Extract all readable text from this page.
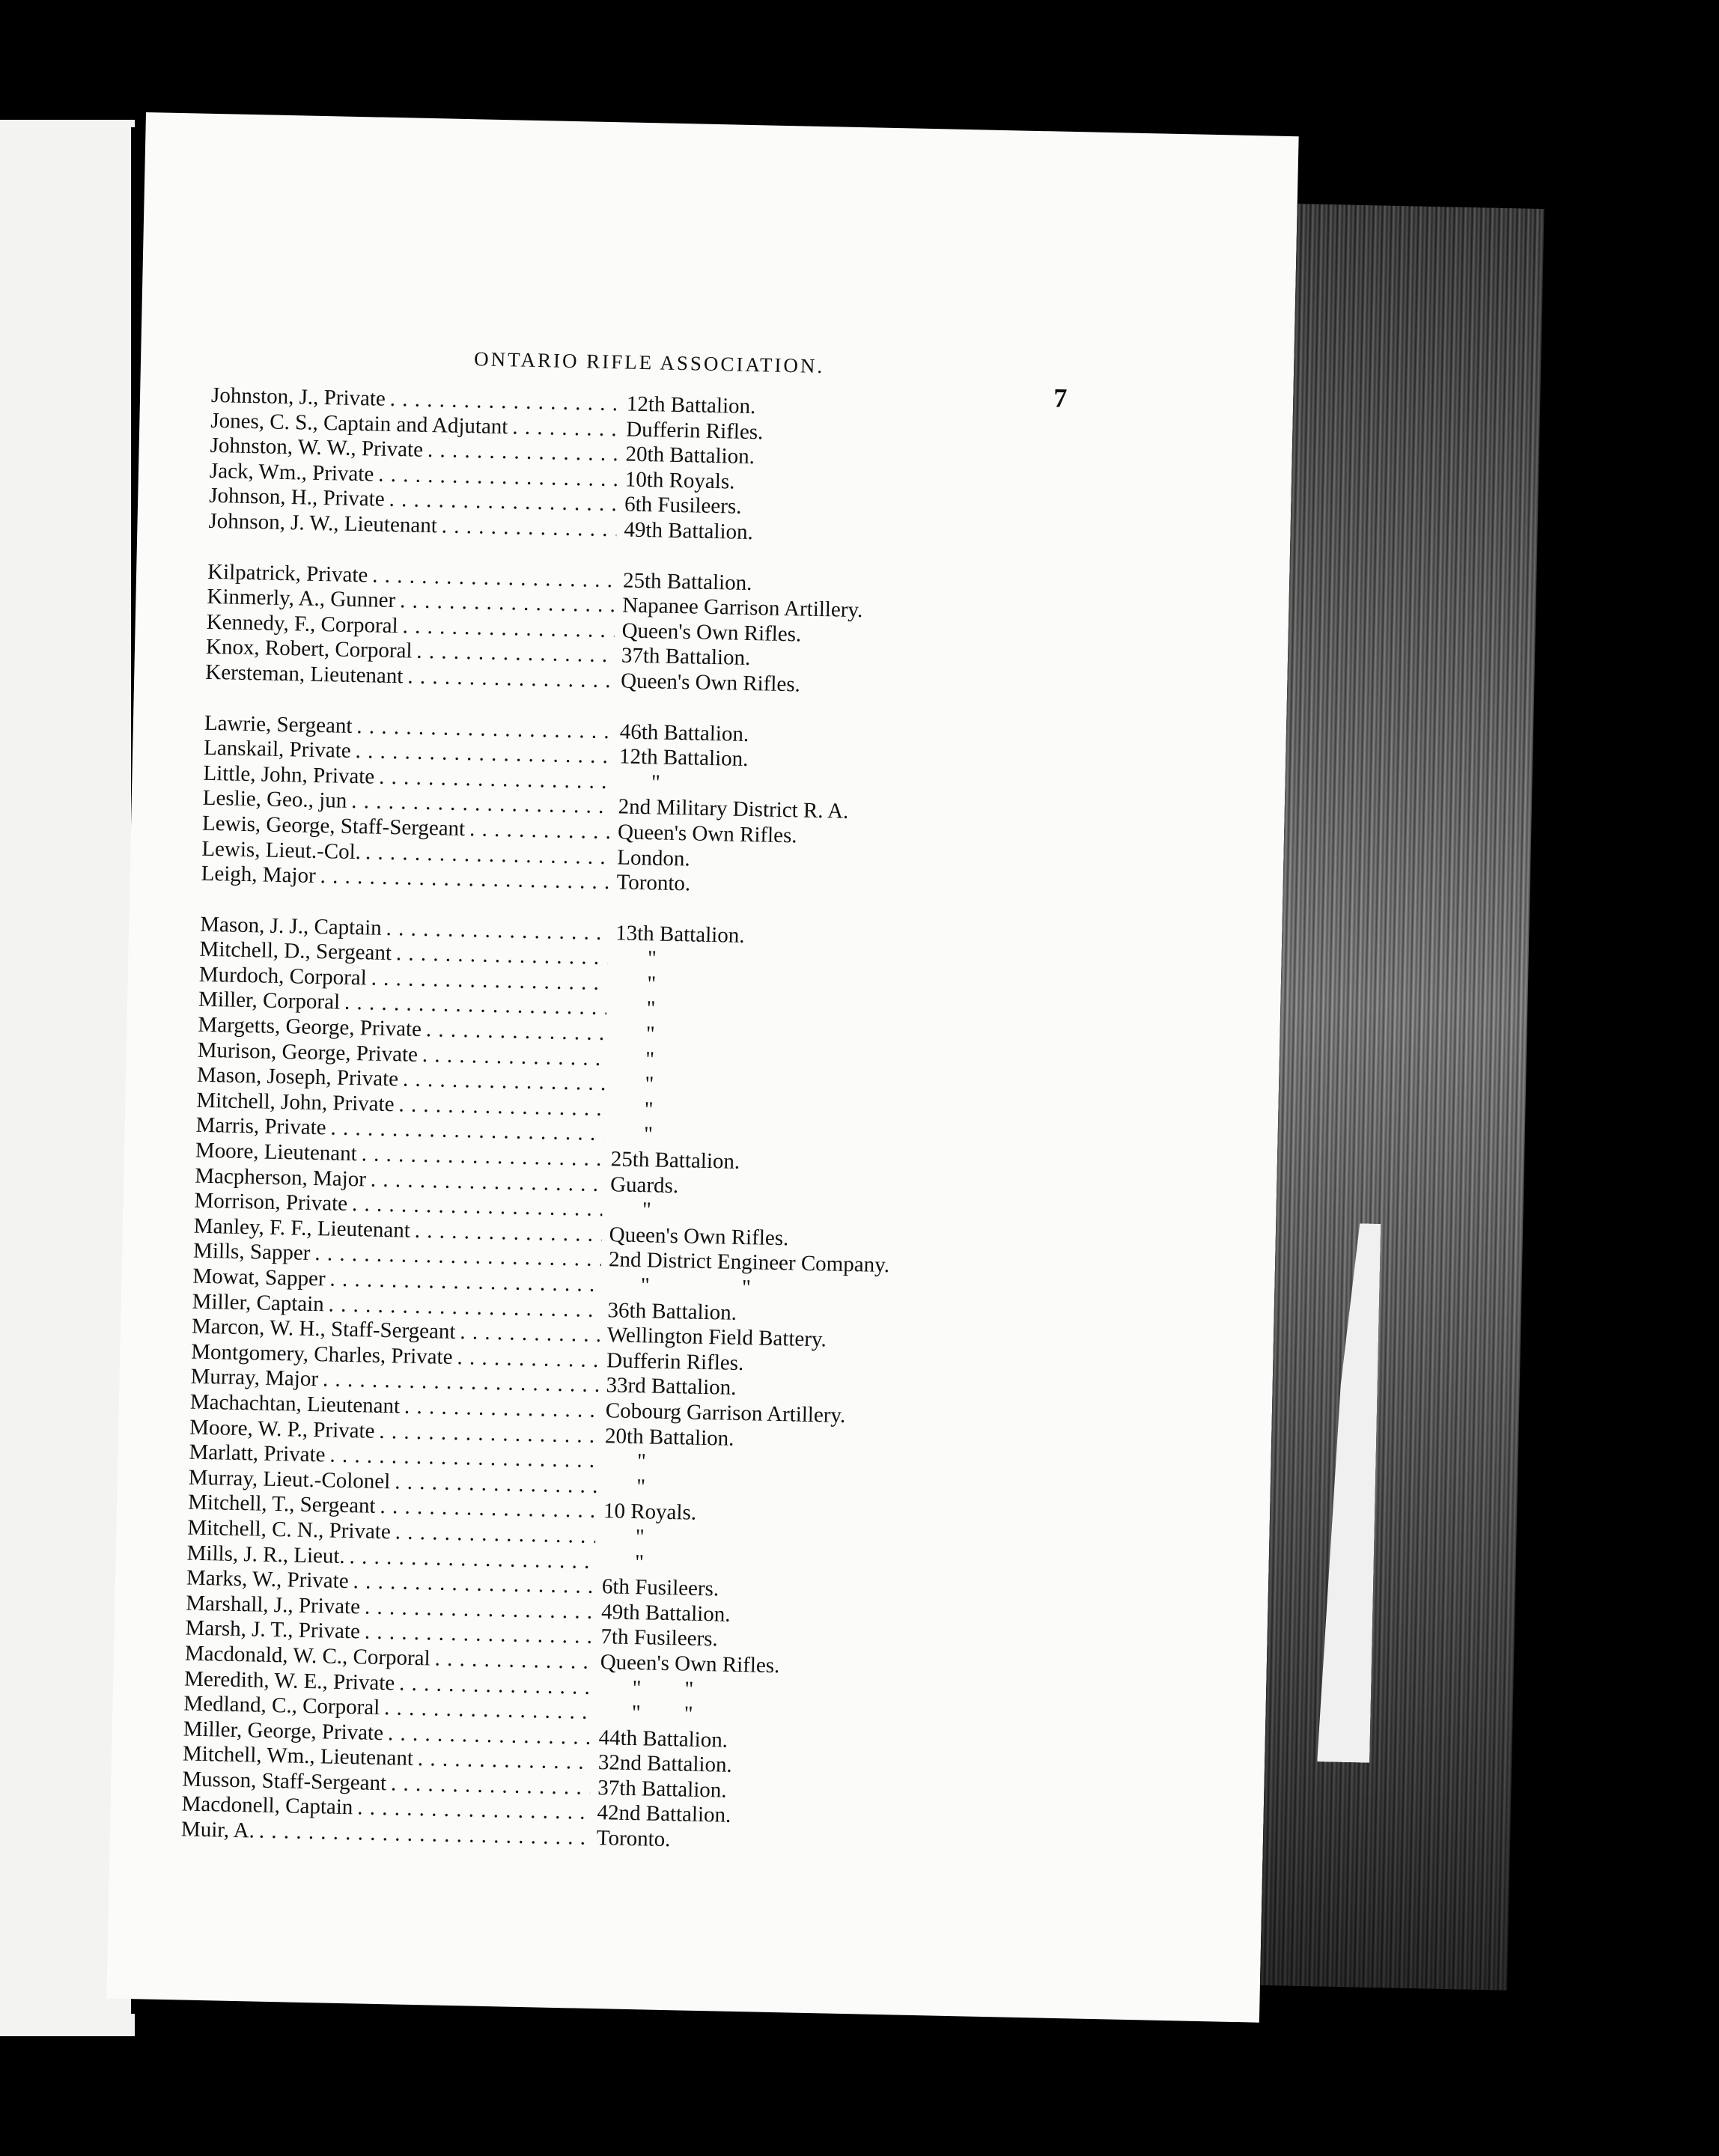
ONTARIO RIFLE ASSOCIATION.
7
Johnston, J., Private . . .	12th Battalion.
Jones, C. S., Captain and Adjutant . . .	Dufferin Rifles.
Johnston, W. W., Private . . .	20th Battalion.
Jack, Wm., Private . . .	10th Royals.
Johnson, H., Private . . .	6th Fusileers.
Johnson, J. W., Lieutenant . . .	49th Battalion.
Kilpatrick, Private . . .	25th Battalion.
Kinmerly, A., Gunner . . .	Napanee Garrison Artillery.
Kennedy, F., Corporal . . .	Queen's Own Rifles.
Knox, Robert, Corporal . . .	37th Battalion.
Kersteman, Lieutenant . . .	Queen's Own Rifles.
Lawrie, Sergeant . . .	46th Battalion.
Lanskail, Private . . .	12th Battalion.
Little, John, Private . . .	"
Leslie, Geo., jun . . .	2nd Military District R. A.
Lewis, George, Staff-Sergeant . . .	Queen's Own Rifles.
Lewis, Lieut.-Col. . . .	London.
Leigh, Major . . .	Toronto.
Mason, J. J., Captain . . .	13th Battalion.
Mitchell, D., Sergeant . . .	"
Murdoch, Corporal . . .	"
Miller, Corporal . . .	"
Margetts, George, Private . . .	"
Murison, George, Private . . .	"
Mason, Joseph, Private . . .	"
Mitchell, John, Private . . .	"
Marris, Private . . .	"
Moore, Lieutenant . . .	25th Battalion.
Macpherson, Major . . .	Guards.
Morrison, Private . . .	"
Manley, F. F., Lieutenant . . .	Queen's Own Rifles.
Mills, Sapper . . .	2nd District Engineer Company.
Mowat, Sapper . . .	"                 "
Miller, Captain . . .	36th Battalion.
Marcon, W. H., Staff-Sergeant . . .	Wellington Field Battery.
Montgomery, Charles, Private . . .	Dufferin Rifles.
Murray, Major . . .	33rd Battalion.
Machachtan, Lieutenant . . .	Cobourg Garrison Artillery.
Moore, W. P., Private . . .	20th Battalion.
Marlatt, Private . . .	"
Murray, Lieut.-Colonel . . .	"
Mitchell, T., Sergeant . . .	10 Royals.
Mitchell, C. N., Private . . .	"
Mills, J. R., Lieut. . . .	"
Marks, W., Private . . .	6th Fusileers.
Marshall, J., Private . . .	49th Battalion.
Marsh, J. T., Private . . .	7th Fusileers.
Macdonald, W. C., Corporal . . .	Queen's Own Rifles.
Meredith, W. E., Private . . .	"        "
Medland, C., Corporal . . .	"        "
Miller, George, Private . . .	44th Battalion.
Mitchell, Wm., Lieutenant . . .	32nd Battalion.
Musson, Staff-Sergeant . . .	37th Battalion.
Macdonell, Captain . . .	42nd Battalion.
Muir, A. . . .	Toronto.
